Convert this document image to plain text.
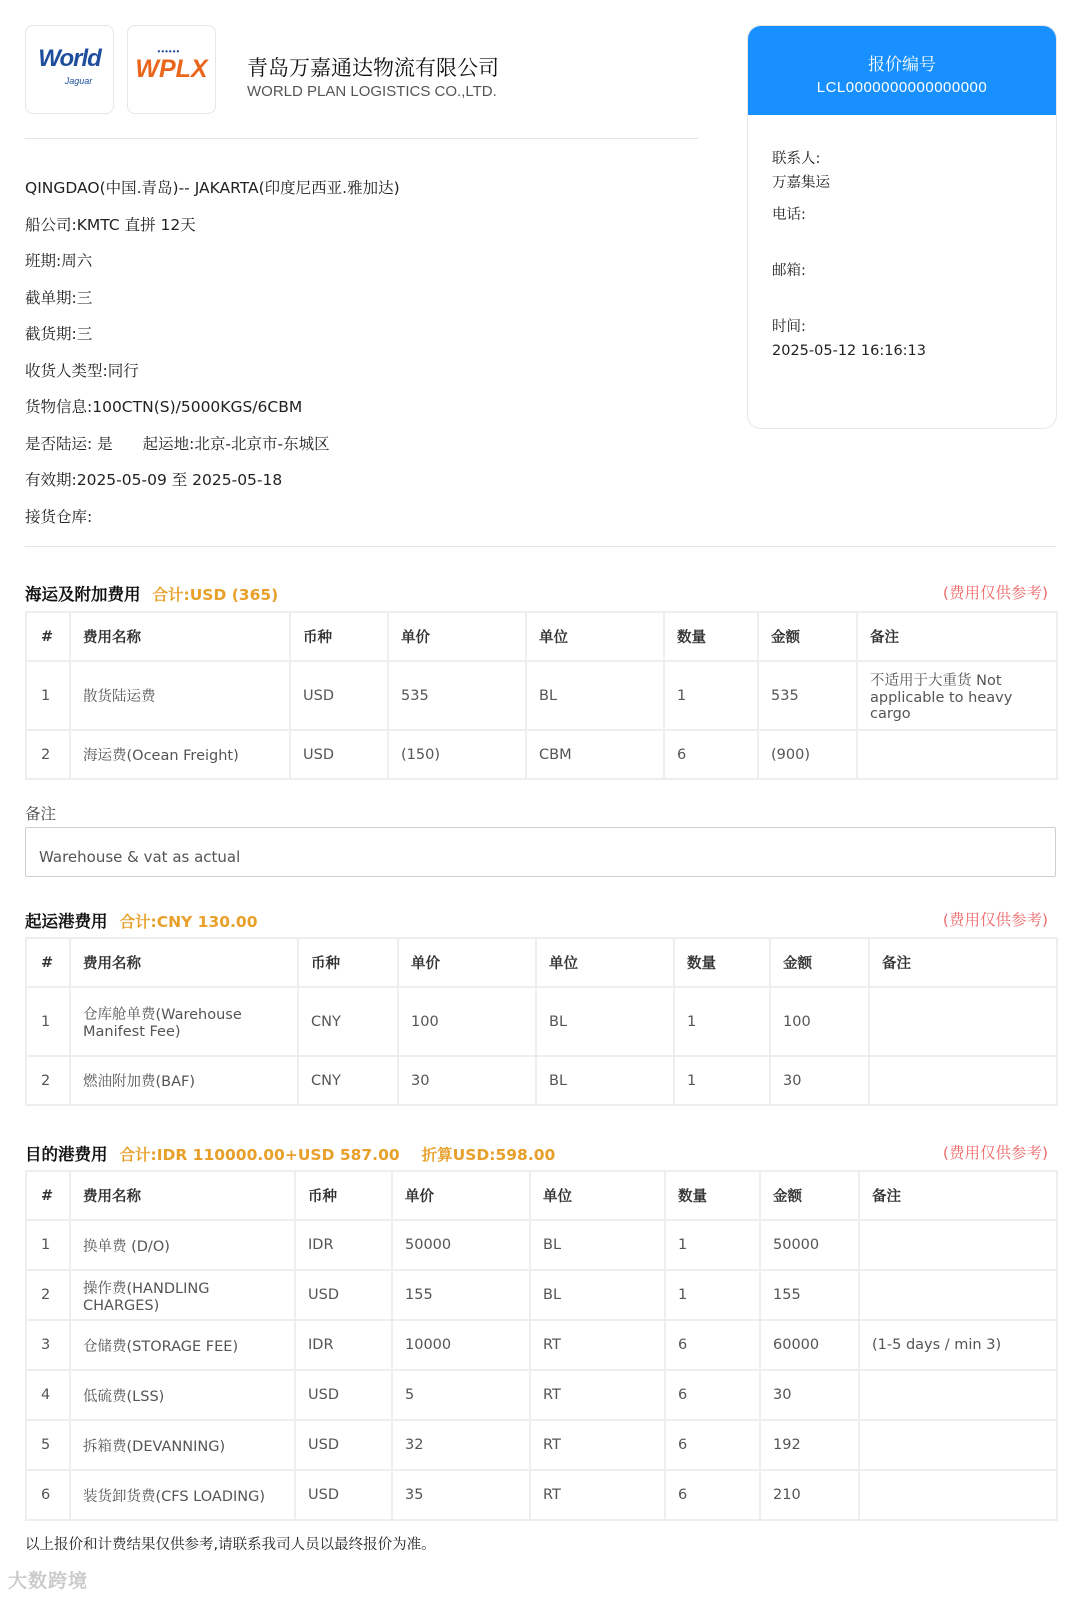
World
Jaguar
••••••
WPLX 青岛万嘉通达物流有限公司
WORLD PLAN LOGISTICS CO.,LTD.
报价编号
LCL0000000000000000
联系人:
万嘉集运
电话:
邮箱:
时间:
2025-05-12 16:16:13
QINGDAO(中国.青岛)-- JAKARTA(印度尼西亚.雅加达)
船公司:KMTC 直拼 12天
班期:周六
截单期:三
截货期:三
收货人类型:同行
货物信息:100CTN(S)/5000KGS/6CBM
是否陆运: 是 起运地:北京-北京市-东城区
有效期:2025-05-09 至 2025-05-18
接货仓库:
海运及附加费用 合计:USD (365)	(费用仅供参考)
#	费用名称	币种	单价	单位	数量	金额	备注
1	散货陆运费	USD	535	BL	1	535	不适用于大重货 Not applicable to heavy cargo
2	海运费(Ocean Freight)	USD	(150)	CBM	6	(900)	
备注
Warehouse & vat as actual
起运港费用 合计:CNY 130.00	(费用仅供参考)
#	费用名称	币种	单价	单位	数量	金额	备注
1	仓库舱单费(Warehouse Manifest Fee)	CNY	100	BL	1	100	
2	燃油附加费(BAF)	CNY	30	BL	1	30	
目的港费用 合计:IDR 110000.00+USD 587.00 折算USD:598.00	(费用仅供参考)
#	费用名称	币种	单价	单位	数量	金额	备注
1	换单费 (D/O)	IDR	50000	BL	1	50000	
2	操作费(HANDLING CHARGES)	USD	155	BL	1	155	
3	仓储费(STORAGE FEE)	IDR	10000	RT	6	60000	(1-5 days / min 3)
4	低硫费(LSS)	USD	5	RT	6	30	
5	拆箱费(DEVANNING)	USD	32	RT	6	192	
6	装货卸货费(CFS LOADING)	USD	35	RT	6	210	
以上报价和计费结果仅供参考,请联系我司人员以最终报价为准。
大数跨境
